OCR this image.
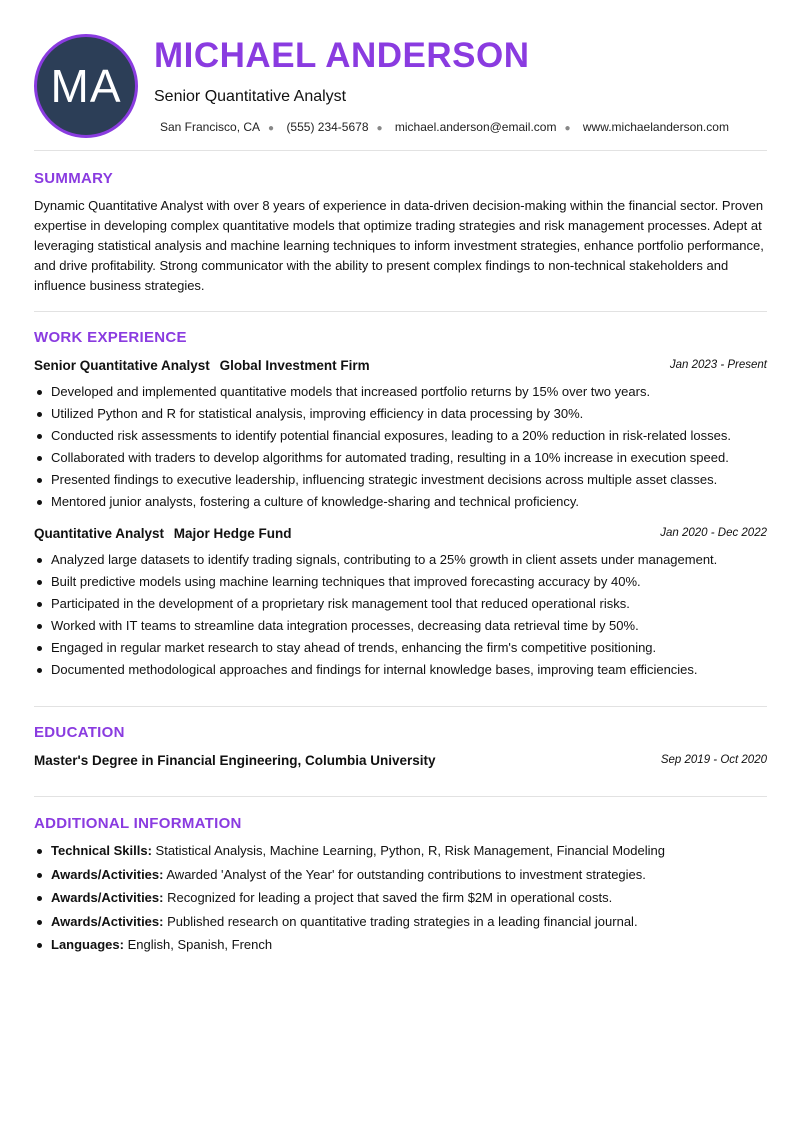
MA
MICHAEL ANDERSON
Senior Quantitative Analyst
San Francisco, CA ● (555) 234-5678 ● michael.anderson@email.com ● www.michaelanderson.com
SUMMARY

Dynamic Quantitative Analyst with over 8 years of experience in data-driven decision-making within the financial sector. Proven expertise in developing complex quantitative models that optimize trading strategies and risk management processes. Adept at leveraging statistical analysis and machine learning techniques to inform investment strategies, enhance portfolio performance, and drive profitability. Strong communicator with the ability to present complex findings to non-technical stakeholders and influence business strategies.

WORK EXPERIENCE
Senior Quantitative Analyst Global Investment Firm	Jan 2023 - Present
Developed and implemented quantitative models that increased portfolio returns by 15% over two years.
Utilized Python and R for statistical analysis, improving efficiency in data processing by 30%.
Conducted risk assessments to identify potential financial exposures, leading to a 20% reduction in risk-related losses.
Collaborated with traders to develop algorithms for automated trading, resulting in a 10% increase in execution speed.
Presented findings to executive leadership, influencing strategic investment decisions across multiple asset classes.
Mentored junior analysts, fostering a culture of knowledge-sharing and technical proficiency.
Quantitative Analyst Major Hedge Fund	Jan 2020 - Dec 2022
Analyzed large datasets to identify trading signals, contributing to a 25% growth in client assets under management.
Built predictive models using machine learning techniques that improved forecasting accuracy by 40%.
Participated in the development of a proprietary risk management tool that reduced operational risks.
Worked with IT teams to streamline data integration processes, decreasing data retrieval time by 50%.
Engaged in regular market research to stay ahead of trends, enhancing the firm's competitive positioning.
Documented methodological approaches and findings for internal knowledge bases, improving team efficiencies.
EDUCATION
Master's Degree in Financial Engineering, Columbia University	Sep 2019 - Oct 2020
ADDITIONAL INFORMATION
Technical Skills: Statistical Analysis, Machine Learning, Python, R, Risk Management, Financial Modeling
Awards/Activities: Awarded 'Analyst of the Year' for outstanding contributions to investment strategies.
Awards/Activities: Recognized for leading a project that saved the firm $2M in operational costs.
Awards/Activities: Published research on quantitative trading strategies in a leading financial journal.
Languages: English, Spanish, French
